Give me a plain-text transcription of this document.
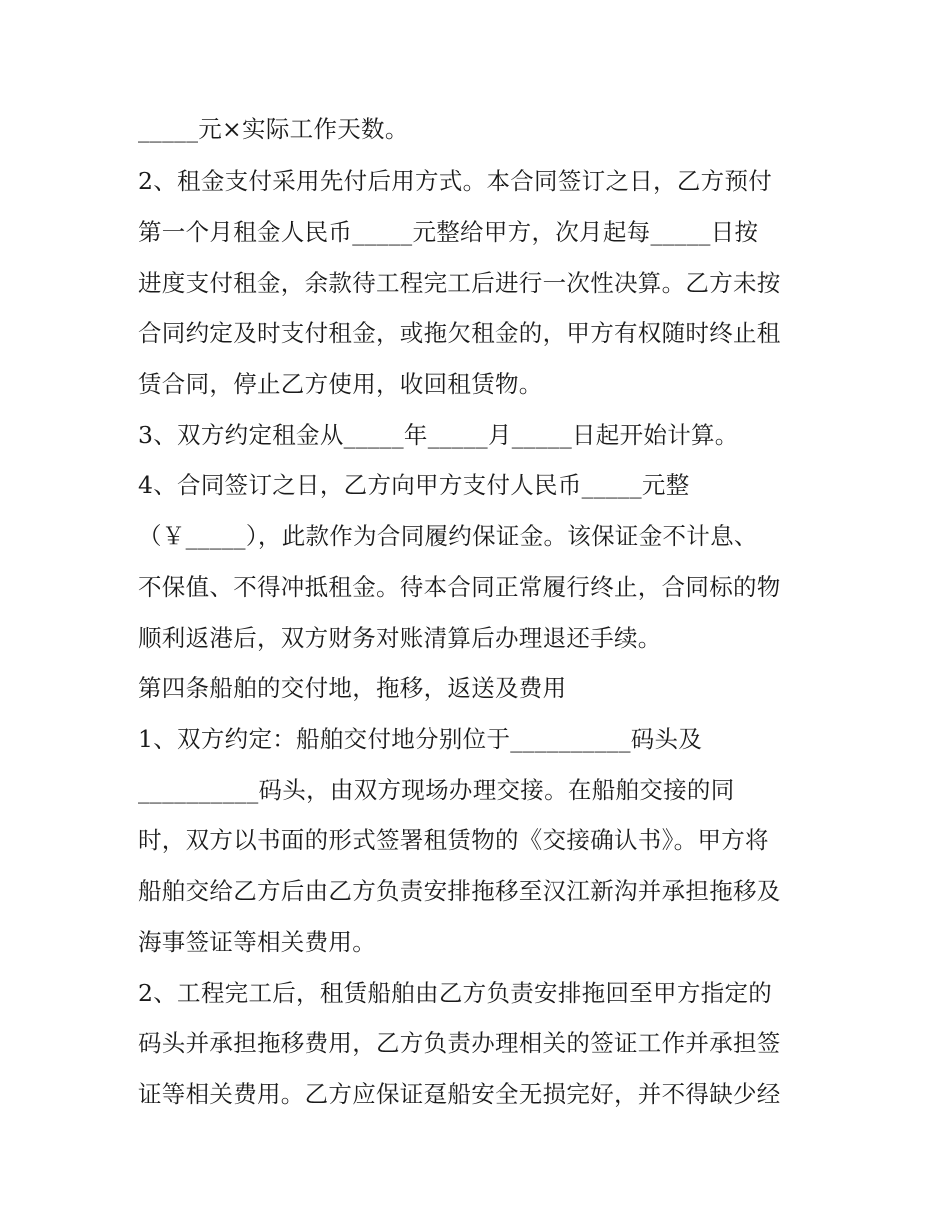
_____元×实际工作天数。
2、租金支付采用先付后用方式。本合同签订之日，乙方预付
第一个月租金人民币_____元整给甲方，次月起每_____日按
进度支付租金，余款待工程完工后进行一次性决算。乙方未按
合同约定及时支付租金，或拖欠租金的，甲方有权随时终止租
赁合同，停止乙方使用，收回租赁物。
3、双方约定租金从_____年_____月_____日起开始计算。
4、合同签订之日，乙方向甲方支付人民币_____元整
（￥_____），此款作为合同履约保证金。该保证金不计息、
不保值、不得冲抵租金。待本合同正常履行终止，合同标的物
顺利返港后，双方财务对账清算后办理退还手续。
第四条船舶的交付地，拖移，返送及费用
1、双方约定：船舶交付地分别位于__________码头及
__________码头，由双方现场办理交接。在船舶交接的同
时，双方以书面的形式签署租赁物的《交接确认书》。甲方将
船舶交给乙方后由乙方负责安排拖移至汉江新沟并承担拖移及
海事签证等相关费用。
2、工程完工后，租赁船舶由乙方负责安排拖回至甲方指定的
码头并承担拖移费用，乙方负责办理相关的签证工作并承担签
证等相关费用。乙方应保证趸船安全无损完好，并不得缺少经
